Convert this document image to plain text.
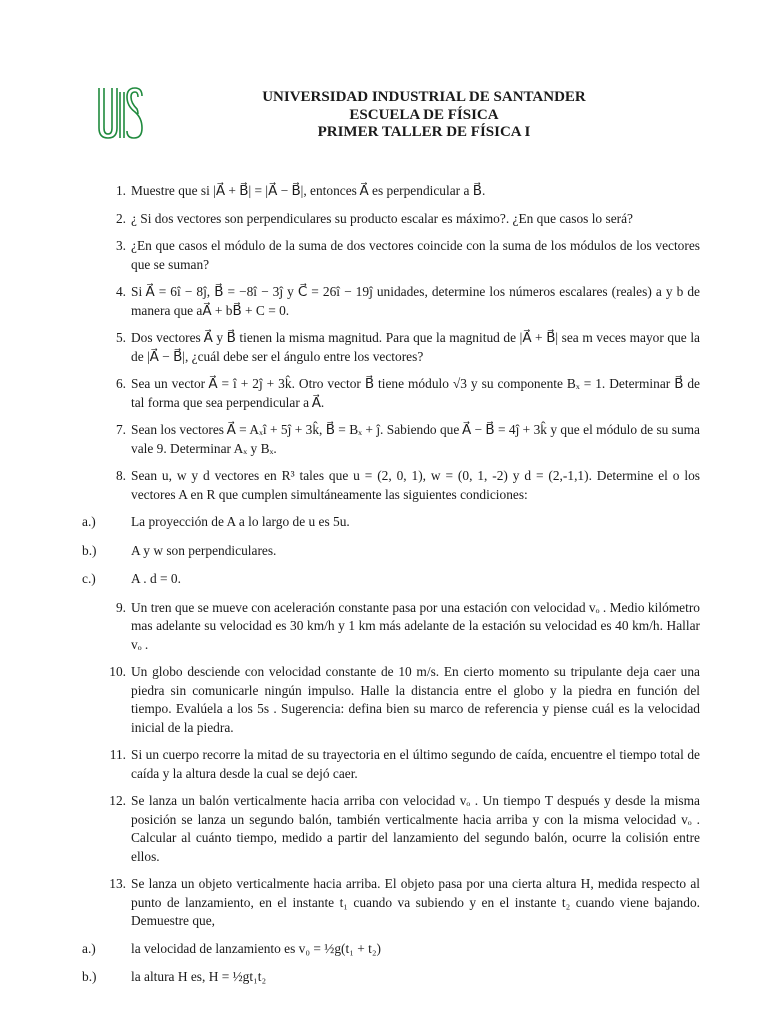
UNIVERSIDAD INDUSTRIAL DE SANTANDER
ESCUELA DE FÍSICA
PRIMER TALLER DE FÍSICA I
1. Muestre que si |A⃗ + B⃗| = |A⃗ − B⃗|, entonces A⃗ es perpendicular a B⃗.
2. ¿ Si dos vectores son perpendiculares su producto escalar es máximo?. ¿En que casos lo será?
3. ¿En que casos el módulo de la suma de dos vectores coincide con la suma de los módulos de los vectores que se suman?
4. Si A⃗ = 6î − 8ĵ, B⃗ = −8î − 3ĵ y C⃗ = 26î − 19ĵ unidades, determine los números escalares (reales) a y b de manera que aA⃗ + bB⃗ + C = 0.
5. Dos vectores A⃗ y B⃗ tienen la misma magnitud. Para que la magnitud de |A⃗ + B⃗| sea m veces mayor que la de |A⃗ − B⃗|, ¿cuál debe ser el ángulo entre los vectores?
6. Sea un vector A⃗ = î + 2ĵ + 3k̂. Otro vector B⃗ tiene módulo √3 y su componente Bₓ = 1. Determinar B⃗ de tal forma que sea perpendicular a A⃗.
7. Sean los vectores A⃗ = Aₓî + 5ĵ + 3k̂, B⃗ = Bₓ + ĵ. Sabiendo que A⃗ − B⃗ = 4ĵ + 3k̂ y que el módulo de su suma vale 9. Determinar Aₓ y Bₓ.
8. Sean u, w y d vectores en R³ tales que u = (2, 0, 1), w = (0, 1, -2) y d = (2,-1,1). Determine el o los vectores A en R que cumplen simultáneamente las siguientes condiciones:
a.)	La proyección de A a lo largo de u es 5u.
b.)	A y w son perpendiculares.
c.)	A . d = 0.
9. Un tren que se mueve con aceleración constante pasa por una estación con velocidad vₒ . Medio kilómetro mas adelante su velocidad es 30 km/h y 1 km más adelante de la estación su velocidad es 40 km/h. Hallar vₒ .
10. Un globo desciende con velocidad constante de 10 m/s. En cierto momento su tripulante deja caer una piedra sin comunicarle ningún impulso. Halle la distancia entre el globo y la piedra en función del tiempo. Evalúela a los 5s . Sugerencia: defina bien su marco de referencia y piense cuál es la velocidad inicial de la piedra.
11. Si un cuerpo recorre la mitad de su trayectoria en el último segundo de caída, encuentre el tiempo total de caída y la altura desde la cual se dejó caer.
12. Se lanza un balón verticalmente hacia arriba con velocidad vₒ . Un tiempo T después y desde la misma posición se lanza un segundo balón, también verticalmente hacia arriba y con la misma velocidad vₒ . Calcular al cuánto tiempo, medido a partir del lanzamiento del segundo balón, ocurre la colisión entre ellos.
13. Se lanza un objeto verticalmente hacia arriba. El objeto pasa por una cierta altura H, medida respecto al punto de lanzamiento, en el instante t₁ cuando va subiendo y en el instante t₂ cuando viene bajando. Demuestre que,
a.)	la velocidad de lanzamiento es v₀ = ½g(t₁ + t₂)
b.)	la altura H es, H = ½gt₁t₂
